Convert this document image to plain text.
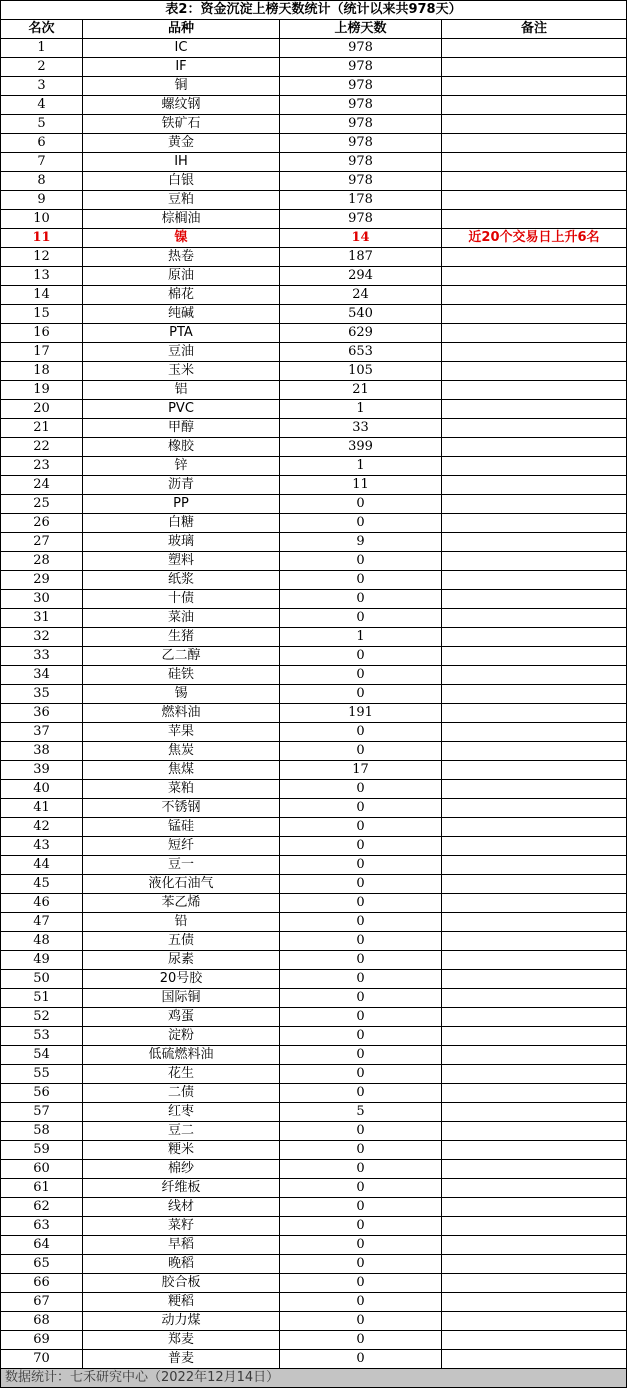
表2：资金沉淀上榜天数统计（统计以来共978天）			
名次	品种	上榜天数	备注
1	IC	978	
2	IF	978	
3	铜	978	
4	螺纹钢	978	
5	铁矿石	978	
6	黄金	978	
7	IH	978	
8	白银	978	
9	豆粕	178	
10	棕榈油	978	
11	镍	14	近20个交易日上升6名
12	热卷	187	
13	原油	294	
14	棉花	24	
15	纯碱	540	
16	PTA	629	
17	豆油	653	
18	玉米	105	
19	铝	21	
20	PVC	1	
21	甲醇	33	
22	橡胶	399	
23	锌	1	
24	沥青	11	
25	PP	0	
26	白糖	0	
27	玻璃	9	
28	塑料	0	
29	纸浆	0	
30	十债	0	
31	菜油	0	
32	生猪	1	
33	乙二醇	0	
34	硅铁	0	
35	锡	0	
36	燃料油	191	
37	苹果	0	
38	焦炭	0	
39	焦煤	17	
40	菜粕	0	
41	不锈钢	0	
42	锰硅	0	
43	短纤	0	
44	豆一	0	
45	液化石油气	0	
46	苯乙烯	0	
47	铅	0	
48	五债	0	
49	尿素	0	
50	20号胶	0	
51	国际铜	0	
52	鸡蛋	0	
53	淀粉	0	
54	低硫燃料油	0	
55	花生	0	
56	二债	0	
57	红枣	5	
58	豆二	0	
59	粳米	0	
60	棉纱	0	
61	纤维板	0	
62	线材	0	
63	菜籽	0	
64	早稻	0	
65	晚稻	0	
66	胶合板	0	
67	粳稻	0	
68	动力煤	0	
69	郑麦	0	
70	普麦	0	
数据统计：七禾研究中心（2022年12月14日）			
